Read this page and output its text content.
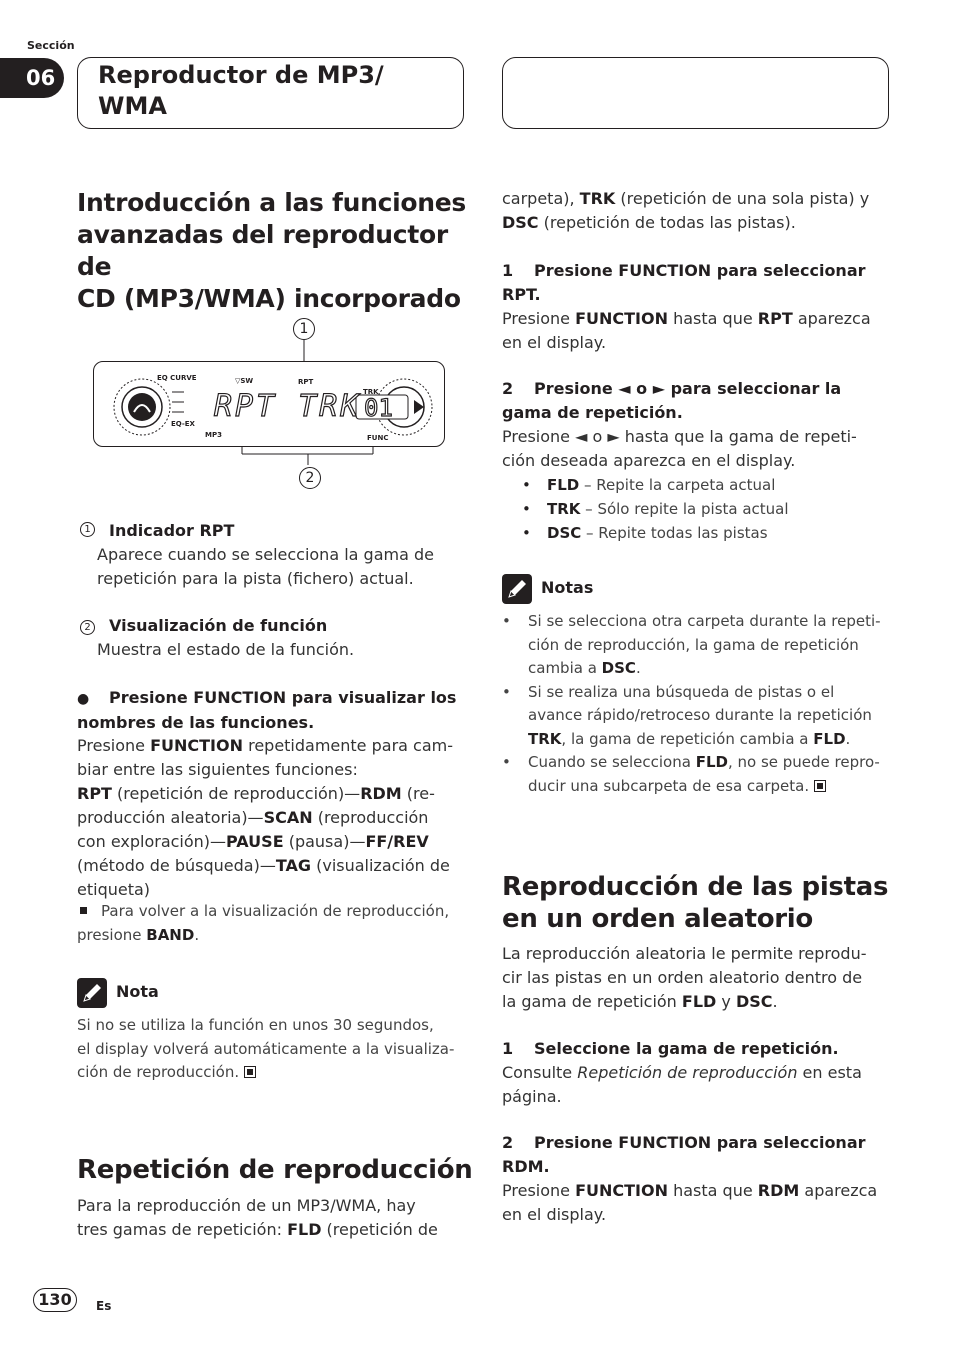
Sección
06	Reproductor de MP3/
WMA
Introducción a las funciones
avanzadas del reproductor de
CD (MP3/WMA) incorporado
1
EQ CURVE	▽SW	RPT
TRK
EQ-EX
MP3	FUNC
RPT TRK 01
2
1 Indicador RPT
Aparece cuando se selecciona la gama de
repetición para la pista (fichero) actual.
2 Visualización de función
Muestra el estado de la función.
● Presione FUNCTION para visualizar los
nombres de las funciones.
Presione FUNCTION repetidamente para cam-
biar entre las siguientes funciones:
RPT (repetición de reproducción)—RDM (re-
producción aleatoria)—SCAN (reproducción
con exploración)—PAUSE (pausa)—FF/REV
(método de búsqueda)—TAG (visualización de
etiqueta)
Para volver a la visualización de reproducción,
presione BAND.
Nota
Si no se utiliza la función en unos 30 segundos,
el display volverá automáticamente a la visualiza-
ción de reproducción.
Repetición de reproducción
Para la reproducción de un MP3/WMA, hay
tres gamas de repetición: FLD (repetición de
carpeta), TRK (repetición de una sola pista) y
DSC (repetición de todas las pistas).
1 Presione FUNCTION para seleccionar
RPT.
Presione FUNCTION hasta que RPT aparezca
en el display.
2 Presione ◄ o ► para seleccionar la
gama de repetición.
Presione ◄ o ► hasta que la gama de repeti-
ción deseada aparezca en el display.
• FLD – Repite la carpeta actual
• TRK – Sólo repite la pista actual
• DSC – Repite todas las pistas
Notas
• Si se selecciona otra carpeta durante la repeti-
ción de reproducción, la gama de repetición
cambia a DSC.
• Si se realiza una búsqueda de pistas o el
avance rápido/retroceso durante la repetición
TRK, la gama de repetición cambia a FLD.
• Cuando se selecciona FLD, no se puede repro-
ducir una subcarpeta de esa carpeta.
Reproducción de las pistas
en un orden aleatorio
La reproducción aleatoria le permite reprodu-
cir las pistas en un orden aleatorio dentro de
la gama de repetición FLD y DSC.
1 Seleccione la gama de repetición.
Consulte Repetición de reproducción en esta
página.
2 Presione FUNCTION para seleccionar
RDM.
Presione FUNCTION hasta que RDM aparezca
en el display.
130	Es
